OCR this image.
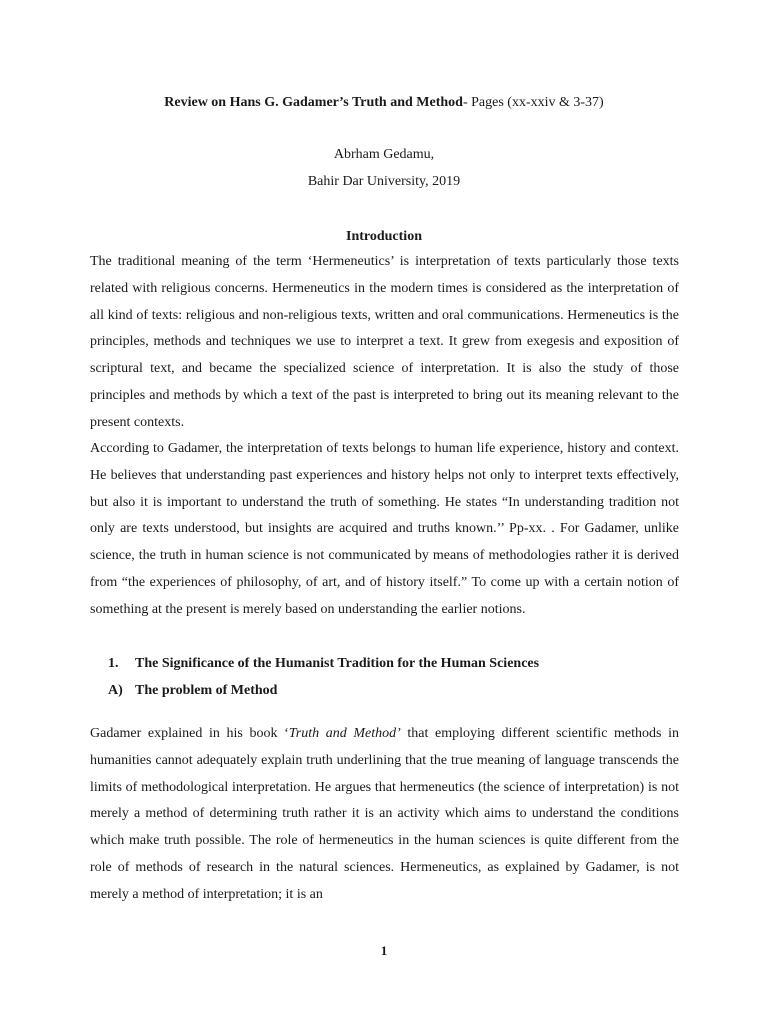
Review on Hans G. Gadamer’s Truth and Method- Pages (xx-xxiv & 3-37)
Abrham Gedamu,
Bahir Dar University, 2019
Introduction

The traditional meaning of the term ‘Hermeneutics’ is interpretation of texts particularly those texts related with religious concerns. Hermeneutics in the modern times is considered as the interpretation of all kind of texts: religious and non-religious texts, written and oral communications. Hermeneutics is the principles, methods and techniques we use to interpret a text. It grew from exegesis and exposition of scriptural text, and became the specialized science of interpretation. It is also the study of those principles and methods by which a text of the past is interpreted to bring out its meaning relevant to the present contexts.

According to Gadamer, the interpretation of texts belongs to human life experience, history and context. He believes that understanding past experiences and history helps not only to interpret texts effectively, but also it is important to understand the truth of something. He states “In understanding tradition not only are texts understood, but insights are acquired and truths known.’’ Pp-xx. . For Gadamer, unlike science, the truth in human science is not communicated by means of methodologies rather it is derived from “the experiences of philosophy, of art, and of history itself.” To come up with a certain notion of something at the present is merely based on understanding the earlier notions.

1. The Significance of the Humanist Tradition for the Human Sciences
A) The problem of Method

Gadamer explained in his book ‘Truth and Method’ that employing different scientific methods in humanities cannot adequately explain truth underlining that the true meaning of language transcends the limits of methodological interpretation. He argues that hermeneutics (the science of interpretation) is not merely a method of determining truth rather it is an activity which aims to understand the conditions which make truth possible. The role of hermeneutics in the human sciences is quite different from the role of methods of research in the natural sciences. Hermeneutics, as explained by Gadamer, is not merely a method of interpretation; it is an

1
